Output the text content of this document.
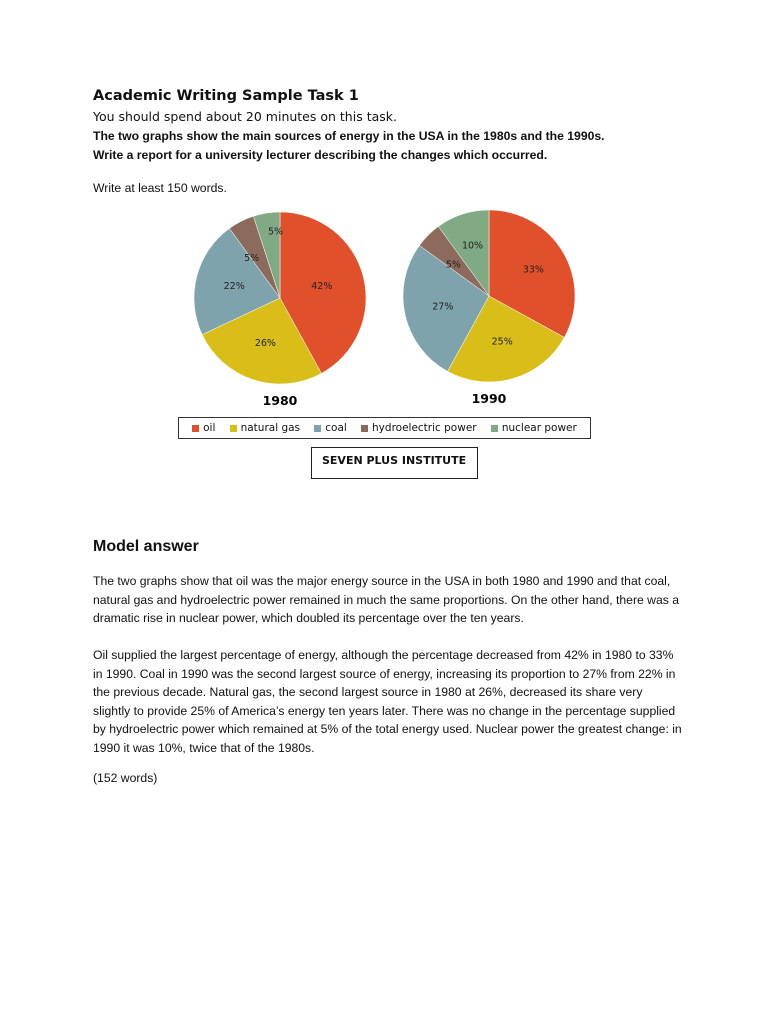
Academic Writing Sample Task 1
You should spend about 20 minutes on this task.
The two graphs show the main sources of energy in the USA in the 1980s and the 1990s.
Write a report for a university lecturer describing the changes which occurred.
Write at least 150 words.
42%
26%
22%
5%
5%
1980
33%
25%
27%
5%
10%
1990
oil natural gas coal hydroelectric power nuclear power
SEVEN PLUS INSTITUTE
Model answer
The two graphs show that oil was the major energy source in the USA in both 1980 and 1990 and that coal, natural gas and hydroelectric power remained in much the same proportions. On the other hand, there was a dramatic rise in nuclear power, which doubled its percentage over the ten years.
Oil supplied the largest percentage of energy, although the percentage decreased from 42% in 1980 to 33% in 1990. Coal in 1990 was the second largest source of energy, increasing its proportion to 27% from 22% in the previous decade. Natural gas, the second largest source in 1980 at 26%, decreased its share very slightly to provide 25% of America’s energy ten years later. There was no change in the percentage supplied by hydroelectric power which remained at 5% of the total energy used. Nuclear power the greatest change: in 1990 it was 10%, twice that of the 1980s.
(152 words)
